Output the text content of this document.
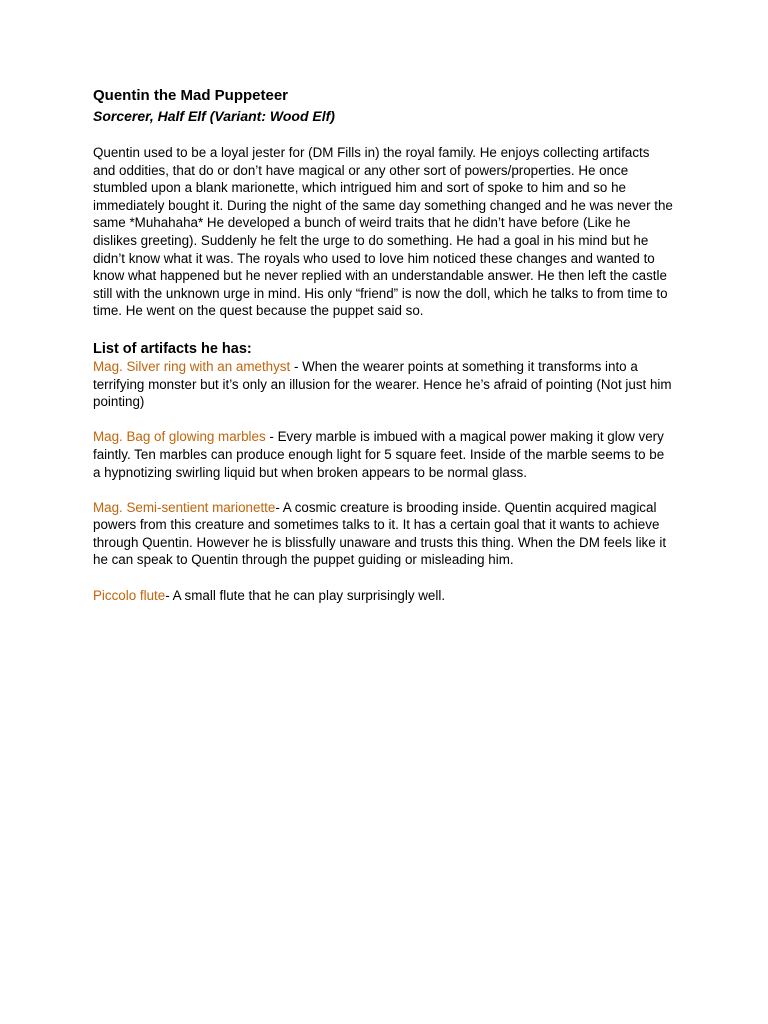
Quentin the Mad Puppeteer
Sorcerer, Half Elf (Variant: Wood Elf)

Quentin used to be a loyal jester for (DM Fills in) the royal family. He enjoys collecting artifacts and oddities, that do or don’t have magical or any other sort of powers/properties. He once stumbled upon a blank marionette, which intrigued him and sort of spoke to him and so he immediately bought it. During the night of the same day something changed and he was never the same *Muhahaha* He developed a bunch of weird traits that he didn’t have before (Like he dislikes greeting). Suddenly he felt the urge to do something. He had a goal in his mind but he didn’t know what it was. The royals who used to love him noticed these changes and wanted to know what happened but he never replied with an understandable answer. He then left the castle still with the unknown urge in mind. His only “friend” is now the doll, which he talks to from time to time. He went on the quest because the puppet said so.

List of artifacts he has:

Mag. Silver ring with an amethyst - When the wearer points at something it transforms into a terrifying monster but it’s only an illusion for the wearer. Hence he’s afraid of pointing (Not just him pointing)

Mag. Bag of glowing marbles - Every marble is imbued with a magical power making it glow very faintly. Ten marbles can produce enough light for 5 square feet. Inside of the marble seems to be a hypnotizing swirling liquid but when broken appears to be normal glass.

Mag. Semi-sentient marionette- A cosmic creature is brooding inside. Quentin acquired magical powers from this creature and sometimes talks to it. It has a certain goal that it wants to achieve through Quentin. However he is blissfully unaware and trusts this thing. When the DM feels like it he can speak to Quentin through the puppet guiding or misleading him.

Piccolo flute- A small flute that he can play surprisingly well.
